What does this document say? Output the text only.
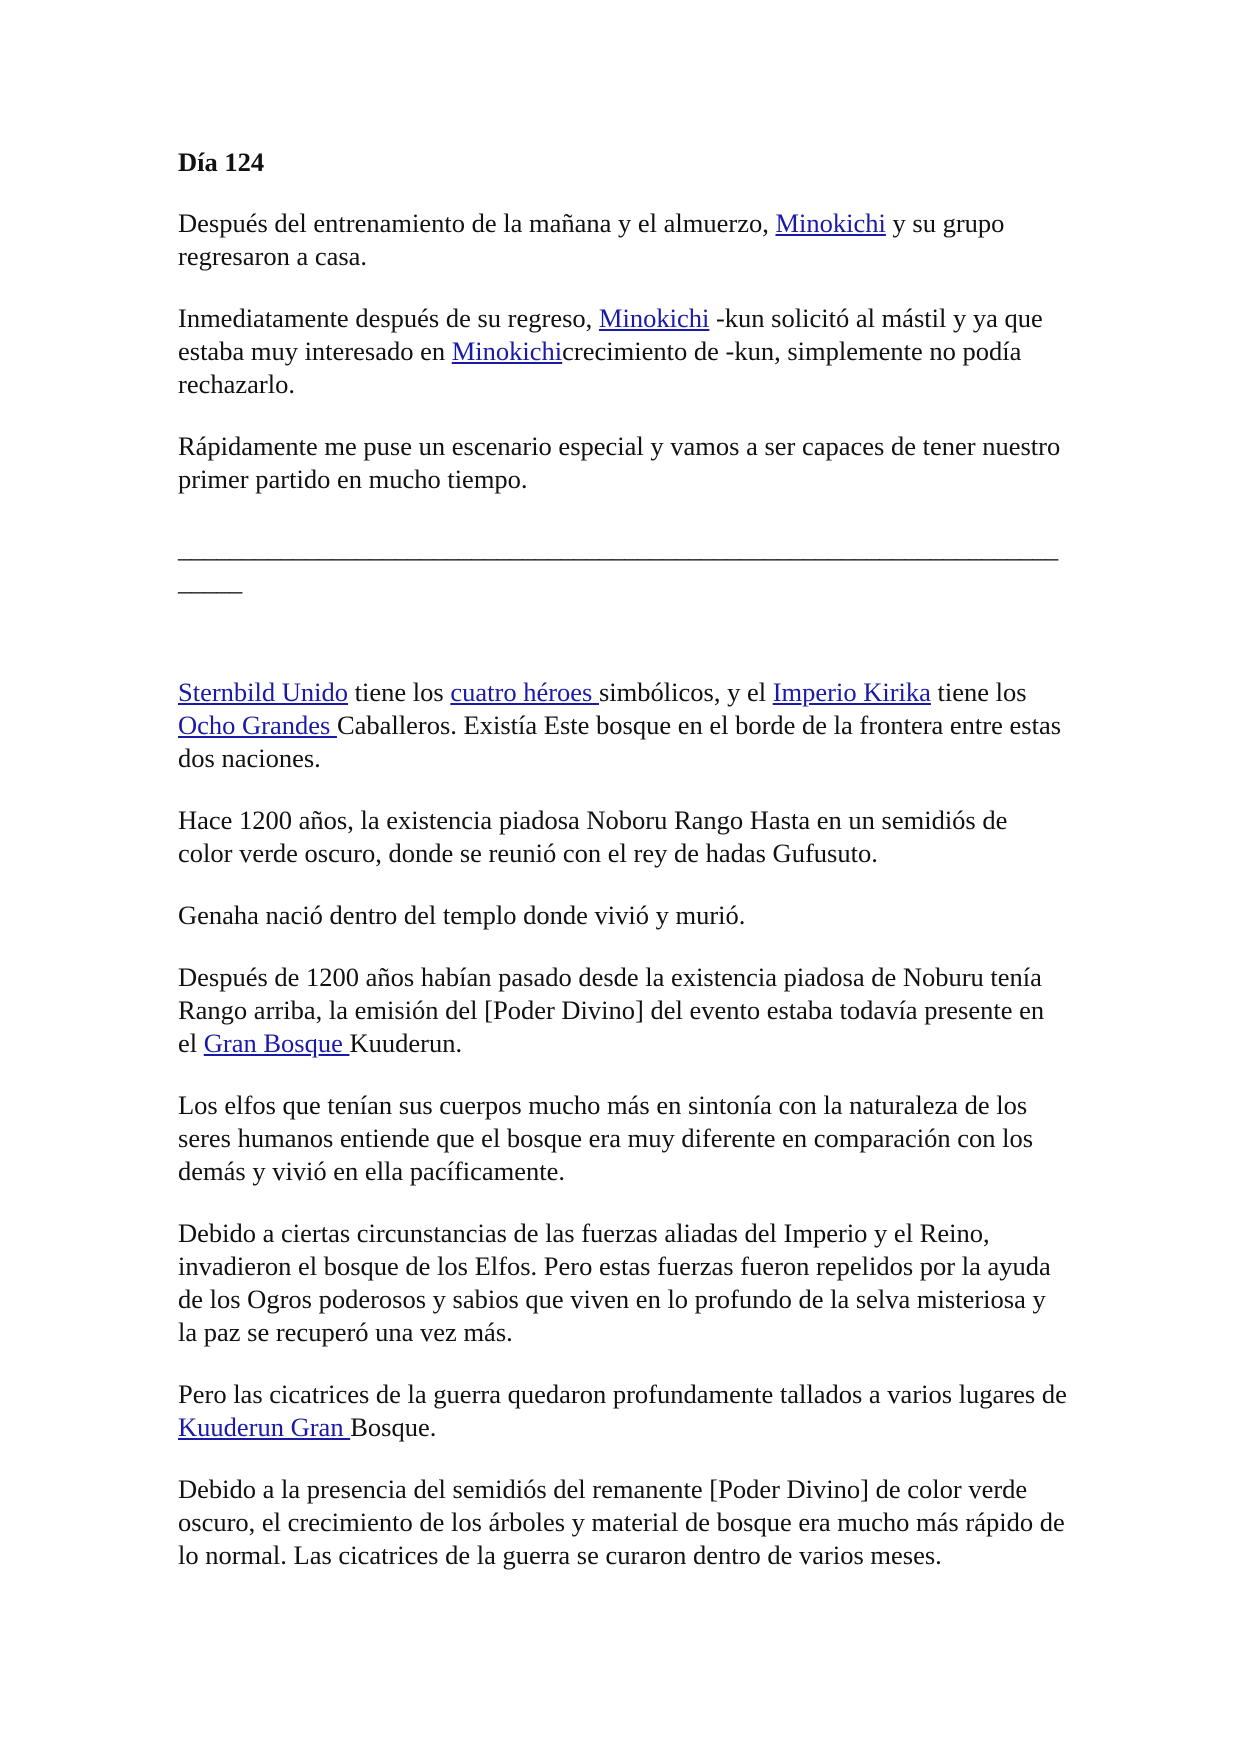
Día 124

Después del entrenamiento de la mañana y el almuerzo, Minokichi y su grupo regresaron a casa.

Inmediatamente después de su regreso, Minokichi -kun solicitó al mástil y ya que estaba muy interesado en Minokichicrecimiento de -kun, simplemente no podía rechazarlo.

Rápidamente me puse un escenario especial y vamos a ser capaces de tener nuestro primer partido en mucho tiempo.

__________________________________________________________________________

Sternbild Unido tiene los cuatro héroes simbólicos, y el Imperio Kirika tiene los Ocho Grandes Caballeros. Existía Este bosque en el borde de la frontera entre estas dos naciones.

Hace 1200 años, la existencia piadosa Noboru Rango Hasta en un semidiós de color verde oscuro, donde se reunió con el rey de hadas Gufusuto.

Genaha nació dentro del templo donde vivió y murió.

Después de 1200 años habían pasado desde la existencia piadosa de Noburu tenía Rango arriba, la emisión del [Poder Divino] del evento estaba todavía presente en el Gran Bosque Kuuderun.

Los elfos que tenían sus cuerpos mucho más en sintonía con la naturaleza de los seres humanos entiende que el bosque era muy diferente en comparación con los demás y vivió en ella pacíficamente.

Debido a ciertas circunstancias de las fuerzas aliadas del Imperio y el Reino, invadieron el bosque de los Elfos. Pero estas fuerzas fueron repelidos por la ayuda de los Ogros poderosos y sabios que viven en lo profundo de la selva misteriosa y la paz se recuperó una vez más.

Pero las cicatrices de la guerra quedaron profundamente tallados a varios lugares de Kuuderun Gran Bosque.

Debido a la presencia del semidiós del remanente [Poder Divino] de color verde oscuro, el crecimiento de los árboles y material de bosque era mucho más rápido de lo normal. Las cicatrices de la guerra se curaron dentro de varios meses.
